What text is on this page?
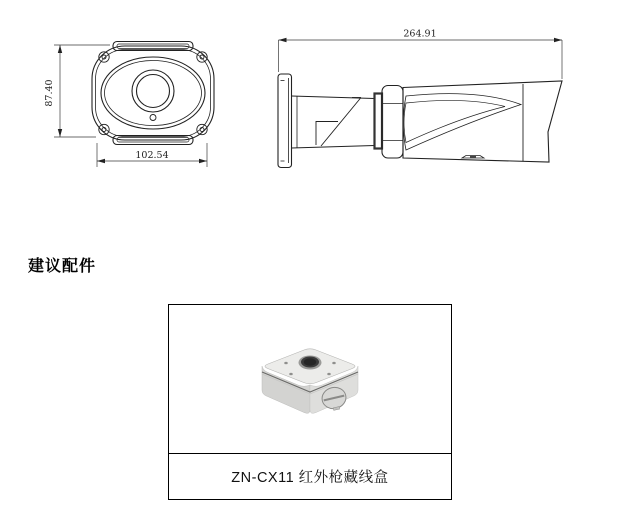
87.40
102.54
264.91
建议配件
ZN-CX11 红外枪藏线盒
